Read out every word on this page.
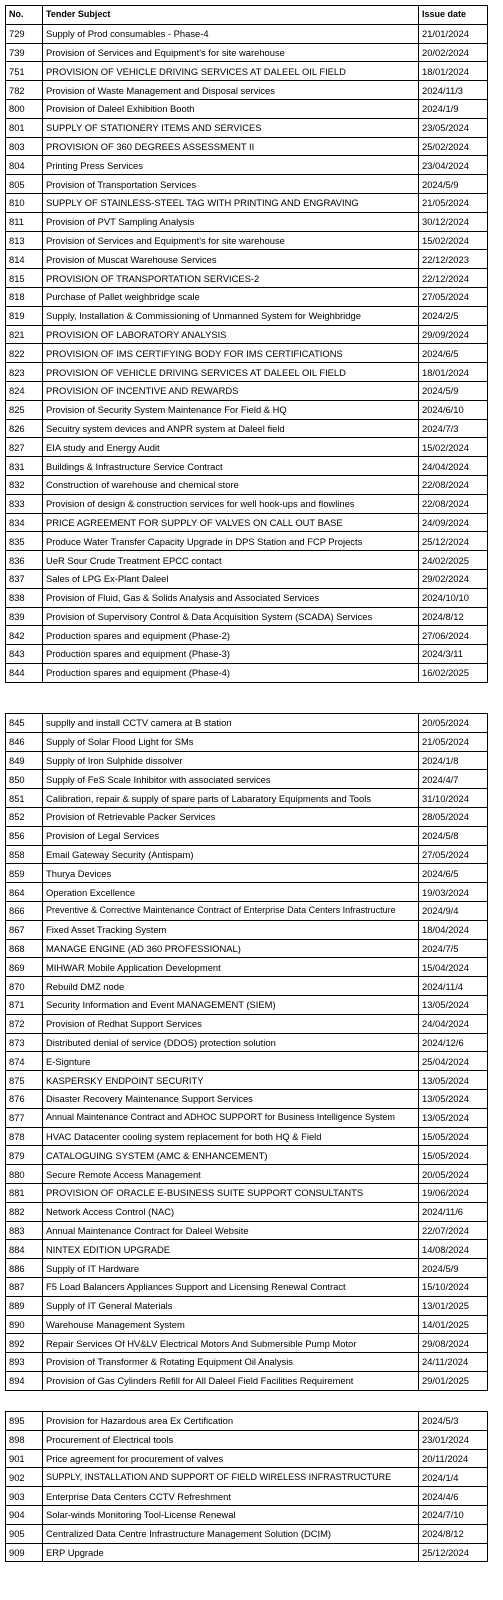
No.	Tender Subject	Issue date
729	Supply of Prod consumables - Phase-4	21/01/2024
739	Provision of Services and Equipment's for site warehouse	20/02/2024
751	PROVISION OF VEHICLE DRIVING SERVICES AT DALEEL OIL FIELD	18/01/2024
782	Provision of Waste Management and Disposal services	2024/11/3
800	Provision of Daleel Exhibition Booth	2024/1/9
801	SUPPLY OF STATIONERY ITEMS AND SERVICES	23/05/2024
803	PROVISION OF 360 DEGREES ASSESSMENT II	25/02/2024
804	Printing Press Services	23/04/2024
805	Provision of Transportation Services	2024/5/9
810	SUPPLY OF STAINLESS-STEEL TAG WITH PRINTING AND ENGRAVING	21/05/2024
811	Provision of PVT Sampling Analysis	30/12/2024
813	Provision of Services and Equipment's for site warehouse	15/02/2024
814	Provision of Muscat Warehouse Services	22/12/2023
815	PROVISION OF TRANSPORTATION SERVICES-2	22/12/2024
818	Purchase of Pallet weighbridge scale	27/05/2024
819	Supply, Installation & Commissioning of Unmanned System for Weighbridge	2024/2/5
821	PROVISION OF LABORATORY ANALYSIS	29/09/2024
822	PROVISION OF IMS CERTIFYING BODY FOR IMS CERTIFICATIONS	2024/6/5
823	PROVISION OF VEHICLE DRIVING SERVICES AT DALEEL OIL FIELD	18/01/2024
824	PROVISION OF INCENTIVE AND REWARDS	2024/5/9
825	Provision of Security System Maintenance For Field & HQ	2024/6/10
826	Secuitry system devices and ANPR system at Daleel field	2024/7/3
827	EIA study and Energy Audit	15/02/2024
831	Buildings & Infrastructure Service Contract	24/04/2024
832	Construction of warehouse and chemical store	22/08/2024
833	Provision of design & construction services for well hook-ups and flowlines	22/08/2024
834	PRICE AGREEMENT FOR SUPPLY OF VALVES ON CALL OUT BASE	24/09/2024
835	Produce Water Transfer Capacity Upgrade in DPS Station and FCP Projects	25/12/2024
836	UeR Sour Crude Treatment EPCC contact	24/02/2025
837	Sales of LPG Ex-Plant Daleel	29/02/2024
838	Provision of Fluid, Gas & Solids Analysis and Associated Services	2024/10/10
839	Provision of Supervisory Control & Data Acquisition System (SCADA) Services	2024/8/12
842	Production spares and equipment (Phase-2)	27/06/2024
843	Production spares and equipment (Phase-3)	2024/3/11
844	Production spares and equipment (Phase-4)	16/02/2025
845	supplly and install CCTV camera at B station	20/05/2024
846	Supply of Solar Flood Light for SMs	21/05/2024
849	Supply of Iron Sulphide dissolver	2024/1/8
850	Supply of FeS Scale Inhibitor with associated services	2024/4/7
851	Calibration, repair & supply of spare parts of Labaratory Equipments and Tools	31/10/2024
852	Provision of Retrievable Packer Services	28/05/2024
856	Provision of Legal Services	2024/5/8
858	Email Gateway Security (Antispam)	27/05/2024
859	Thurya Devices	2024/6/5
864	Operation Excellence	19/03/2024
866	Preventive & Corrective Maintenance Contract of Enterprise Data Centers Infrastructure	2024/9/4
867	Fixed Asset Tracking System	18/04/2024
868	MANAGE ENGINE (AD 360 PROFESSIONAL)	2024/7/5
869	MIHWAR Mobile Application Development	15/04/2024
870	Rebuild DMZ node	2024/11/4
871	Security Information and Event MANAGEMENT (SIEM)	13/05/2024
872	Provision of Redhat Support Services	24/04/2024
873	Distributed denial of service (DDOS) protection solution	2024/12/6
874	E-Signture	25/04/2024
875	KASPERSKY ENDPOINT SECURITY	13/05/2024
876	Disaster Recovery Maintenance Support Services	13/05/2024
877	Annual Maintenance Contract and ADHOC SUPPORT for Business Intelligence System	13/05/2024
878	HVAC Datacenter cooling system replacement for both HQ & Field	15/05/2024
879	CATALOGUING SYSTEM (AMC & ENHANCEMENT)	15/05/2024
880	Secure Remote Access Management	20/05/2024
881	PROVISION OF ORACLE E-BUSINESS SUITE SUPPORT CONSULTANTS	19/06/2024
882	Network Access Control (NAC)	2024/11/6
883	Annual Maintenance Contract for Daleel Website	22/07/2024
884	NINTEX EDITION UPGRADE	14/08/2024
886	Supply of IT Hardware	2024/5/9
887	F5 Load Balancers Appliances Support and Licensing Renewal Contract	15/10/2024
889	Supply of IT General Materials	13/01/2025
890	Warehouse Management System	14/01/2025
892	Repair Services Of HV&LV Electrical Motors And Submersible Pump Motor	29/08/2024
893	Provision of Transformer & Rotating Equipment Oil Analysis	24/11/2024
894	Provision of Gas Cylinders Refill for All Daleel Field Facilities Requirement	29/01/2025
895	Provision for Hazardous area Ex Certification	2024/5/3
898	Procurement of Electrical tools	23/01/2024
901	Price agreement for procurement of valves	20/11/2024
902	SUPPLY, INSTALLATION AND SUPPORT OF FIELD WIRELESS INFRASTRUCTURE	2024/1/4
903	Enterprise Data Centers CCTV Refreshment	2024/4/6
904	Solar-winds Monitoring Tool-License Renewal	2024/7/10
905	Centralized Data Centre Infrastructure Management Solution (DCIM)	2024/8/12
909	ERP Upgrade	25/12/2024
